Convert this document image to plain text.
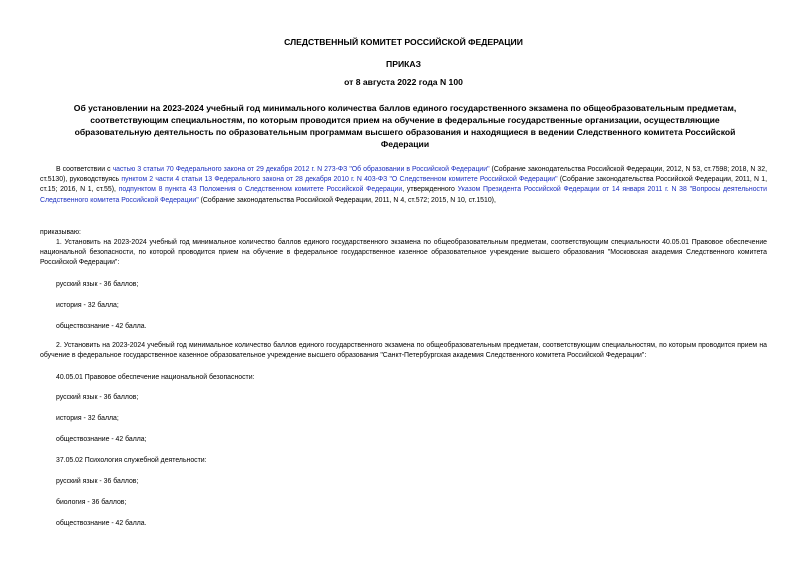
СЛЕДСТВЕННЫЙ КОМИТЕТ РОССИЙСКОЙ ФЕДЕРАЦИИ
ПРИКАЗ
от 8 августа 2022 года N 100
Об установлении на 2023-2024 учебный год минимального количества баллов единого государственного экзамена по общеобразовательным предметам, соответствующим специальностям, по которым проводится прием на обучение в федеральные государственные организации, осуществляющие образовательную деятельность по образовательным программам высшего образования и находящиеся в ведении Следственного комитета Российской Федерации
В соответствии с частью 3 статьи 70 Федерального закона от 29 декабря 2012 г. N 273-ФЗ "Об образовании в Российской Федерации" (Собрание законодательства Российской Федерации, 2012, N 53, ст.7598; 2018, N 32, ст.5130), руководствуясь пунктом 2 части 4 статьи 13 Федерального закона от 28 декабря 2010 г. N 403-ФЗ "О Следственном комитете Российской Федерации" (Собрание законодательства Российской Федерации, 2011, N 1, ст.15; 2016, N 1, ст.55), подпунктом 8 пункта 43 Положения о Следственном комитете Российской Федерации, утвержденного Указом Президента Российской Федерации от 14 января 2011 г. N 38 "Вопросы деятельности Следственного комитета Российской Федерации" (Собрание законодательства Российской Федерации, 2011, N 4, ст.572; 2015, N 10, ст.1510),
приказываю:
1. Установить на 2023-2024 учебный год минимальное количество баллов единого государственного экзамена по общеобразовательным предметам, соответствующим специальности 40.05.01 Правовое обеспечение национальной безопасности, по которой проводится прием на обучение в федеральное государственное казенное образовательное учреждение высшего образования "Московская академия Следственного комитета Российской Федерации":
русский язык - 36 баллов;
история - 32 балла;
обществознание - 42 балла.
2. Установить на 2023-2024 учебный год минимальное количество баллов единого государственного экзамена по общеобразовательным предметам, соответствующим специальностям, по которым проводится прием на обучение в федеральное государственное казенное образовательное учреждение высшего образования "Санкт-Петербургская академия Следственного комитета Российской Федерации":
40.05.01 Правовое обеспечение национальной безопасности:
русский язык - 36 баллов;
история - 32 балла;
обществознание - 42 балла;
37.05.02 Психология служебной деятельности:
русский язык - 36 баллов;
биология - 36 баллов;
обществознание - 42 балла.
